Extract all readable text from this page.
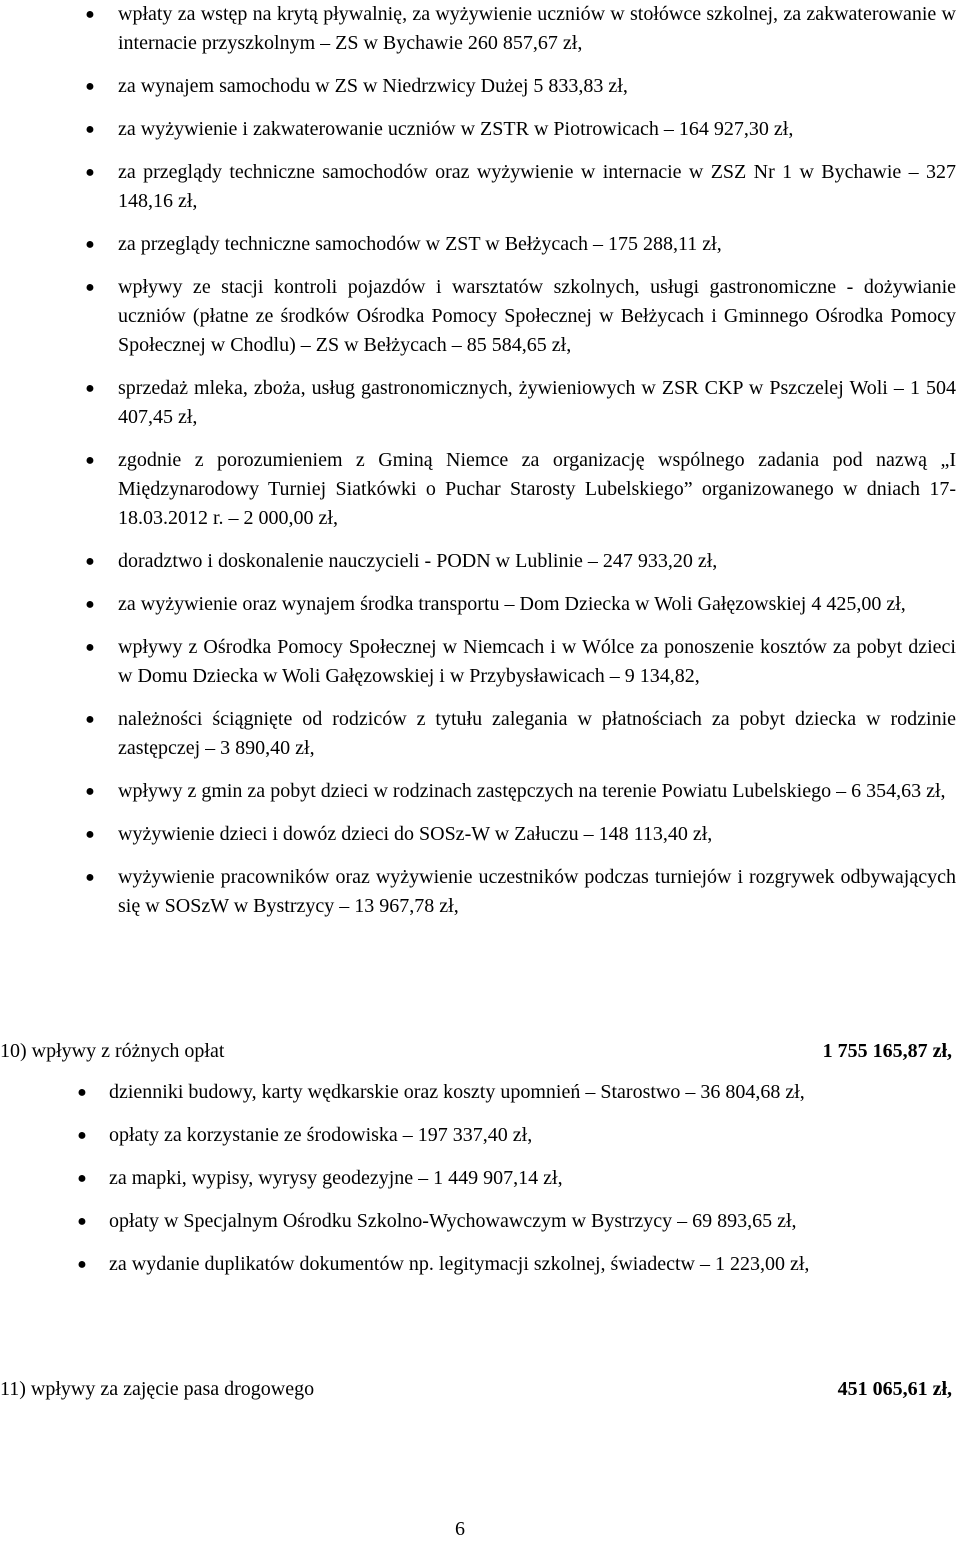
● wpłaty za wstęp na krytą pływalnię, za wyżywienie uczniów w stołówce szkolnej, za zakwaterowanie w internacie przyszkolnym – ZS w Bychawie 260 857,67 zł,
● za wynajem samochodu w ZS w Niedrzwicy Dużej 5 833,83 zł,
● za wyżywienie i zakwaterowanie uczniów w ZSTR w Piotrowicach – 164 927,30 zł,
● za przeglądy techniczne samochodów oraz wyżywienie w internacie w ZSZ Nr 1 w Bychawie – 327 148,16 zł,
● za przeglądy techniczne samochodów w ZST w Bełżycach – 175 288,11 zł,
● wpływy ze stacji kontroli pojazdów i warsztatów szkolnych, usługi gastronomiczne - dożywianie uczniów (płatne ze środków Ośrodka Pomocy Społecznej w Bełżycach i Gminnego Ośrodka Pomocy Społecznej w Chodlu) – ZS w Bełżycach – 85 584,65 zł,
● sprzedaż mleka, zboża, usług gastronomicznych, żywieniowych w ZSR CKP w Pszczelej Woli – 1 504 407,45 zł,
● zgodnie z porozumieniem z Gminą Niemce za organizację wspólnego zadania pod nazwą „I Międzynarodowy Turniej Siatkówki o Puchar Starosty Lubelskiego” organizowanego w dniach 17-18.03.2012 r. – 2 000,00 zł,
● doradztwo i doskonalenie nauczycieli - PODN w Lublinie – 247 933,20 zł,
● za wyżywienie oraz wynajem środka transportu – Dom Dziecka w Woli Gałęzowskiej 4 425,00 zł,
● wpływy z Ośrodka Pomocy Społecznej w Niemcach i w Wólce za ponoszenie kosztów za pobyt dzieci w Domu Dziecka w Woli Gałęzowskiej i w Przybysławicach – 9 134,82,
● należności ściągnięte od rodziców z tytułu zalegania w płatnościach za pobyt dziecka w rodzinie zastępczej – 3 890,40 zł,
● wpływy z gmin za pobyt dzieci w rodzinach zastępczych na terenie Powiatu Lubelskiego – 6 354,63 zł,
● wyżywienie dzieci i dowóz dzieci do SOSz-W w Załuczu – 148 113,40 zł,
● wyżywienie pracowników oraz wyżywienie uczestników podczas turniejów i rozgrywek odbywających się w SOSzW w Bystrzycy – 13 967,78 zł,
10) wpływy z różnych opłat	1 755 165,87 zł,
● dzienniki budowy, karty wędkarskie oraz koszty upomnień – Starostwo – 36 804,68 zł,
● opłaty za korzystanie ze środowiska – 197 337,40 zł,
● za mapki, wypisy, wyrysy geodezyjne – 1 449 907,14 zł,
● opłaty w Specjalnym Ośrodku Szkolno-Wychowawczym w Bystrzycy – 69 893,65 zł,
● za wydanie duplikatów dokumentów np. legitymacji szkolnej, świadectw – 1 223,00 zł,
11) wpływy za zajęcie pasa drogowego	451 065,61 zł,
6
